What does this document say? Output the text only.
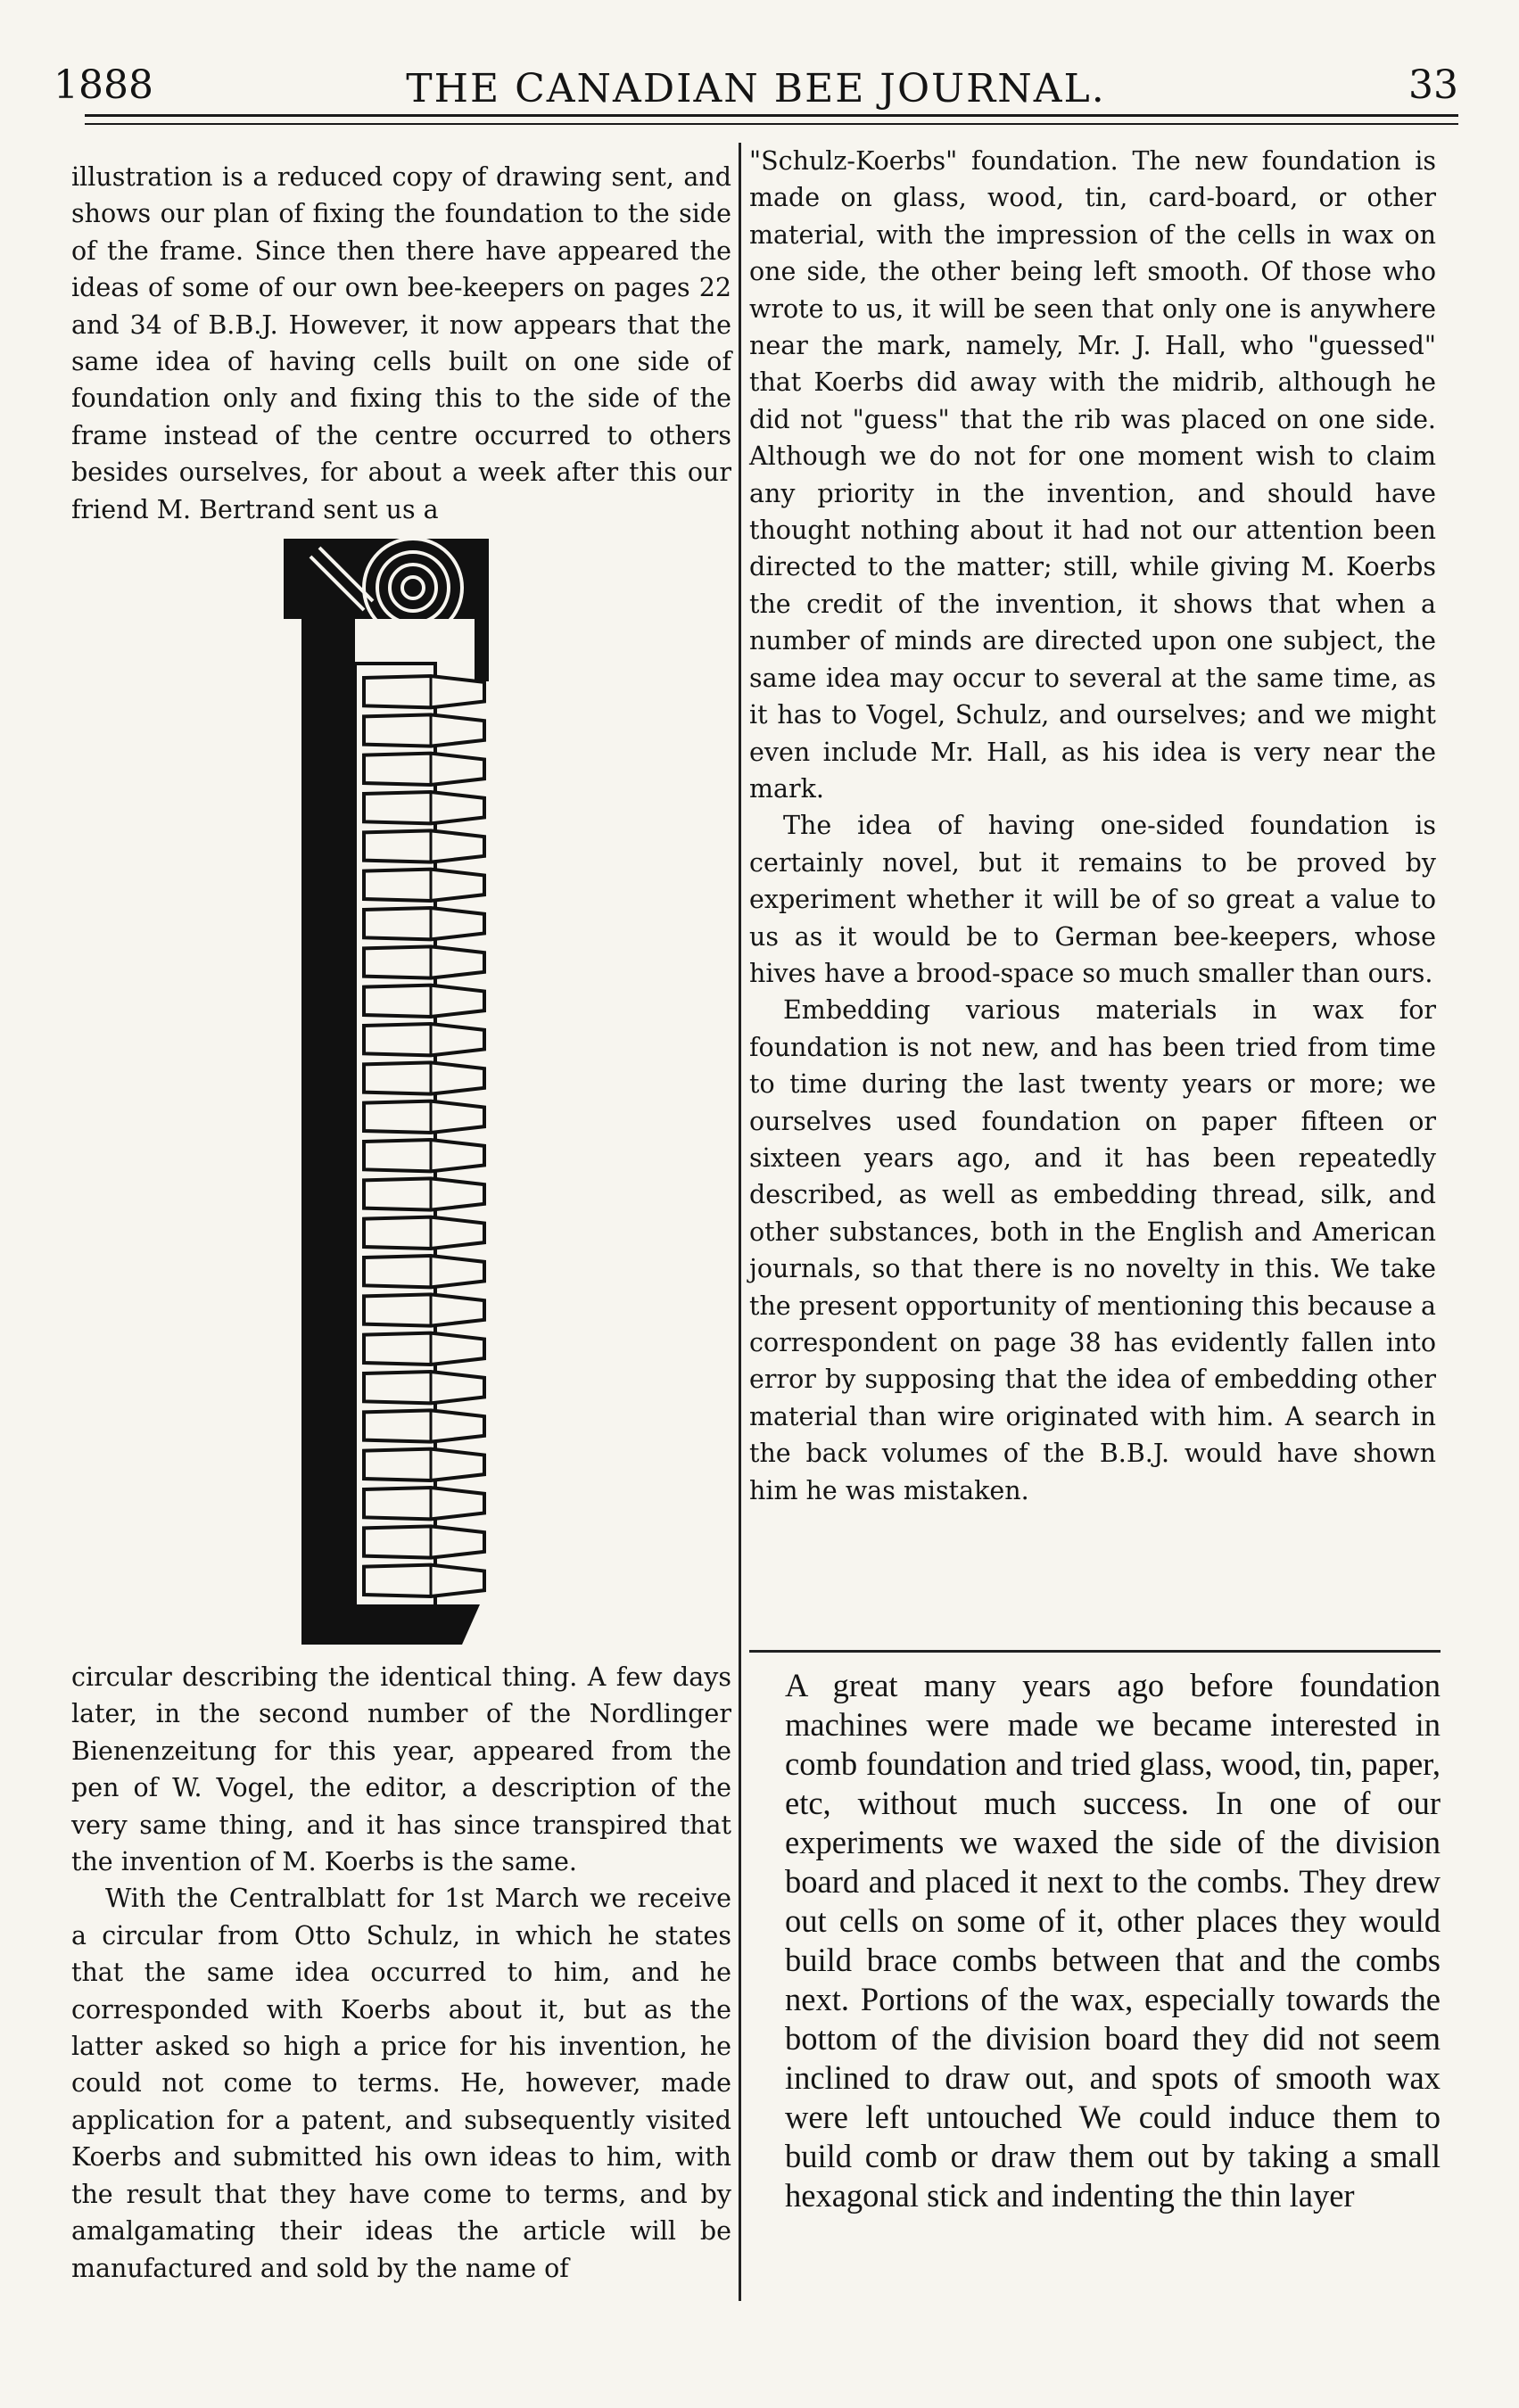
1888	THE CANADIAN BEE JOURNAL.	33

illustration is a reduced copy of drawing sent, and shows our plan of fixing the foundation to the side of the frame. Since then there have appeared the ideas of some of our own bee-keepers on pages 22 and 34 of B.B.J. However, it now appears that the same idea of having cells built on one side of foundation only and fixing this to the side of the frame instead of the centre occurred to others besides ourselves, for about a week after this our friend M. Bertrand sent us a

circular describing the identical thing. A few days later, in the second number of the Nordlinger Bienenzeitung for this year, appeared from the pen of W. Vogel, the editor, a description of the very same thing, and it has since transpired that the invention of M. Koerbs is the same.

With the Centralblatt for 1st March we receive a circular from Otto Schulz, in which he states that the same idea occurred to him, and he corresponded with Koerbs about it, but as the latter asked so high a price for his invention, he could not come to terms. He, however, made application for a patent, and subsequently visited Koerbs and submitted his own ideas to him, with the result that they have come to terms, and by amalgamating their ideas the article will be manufactured and sold by the name of

"Schulz-Koerbs" foundation. The new foundation is made on glass, wood, tin, card-board, or other material, with the impression of the cells in wax on one side, the other being left smooth. Of those who wrote to us, it will be seen that only one is anywhere near the mark, namely, Mr. J. Hall, who "guessed" that Koerbs did away with the midrib, although he did not "guess" that the rib was placed on one side. Although we do not for one moment wish to claim any priority in the invention, and should have thought nothing about it had not our attention been directed to the matter; still, while giving M. Koerbs the credit of the invention, it shows that when a number of minds are directed upon one subject, the same idea may occur to several at the same time, as it has to Vogel, Schulz, and ourselves; and we might even include Mr. Hall, as his idea is very near the mark.

The idea of having one-sided foundation is certainly novel, but it remains to be proved by experiment whether it will be of so great a value to us as it would be to German bee-keepers, whose hives have a brood-space so much smaller than ours.

Embedding various materials in wax for foundation is not new, and has been tried from time to time during the last twenty years or more; we ourselves used foundation on paper fifteen or sixteen years ago, and it has been repeatedly described, as well as embedding thread, silk, and other substances, both in the English and American journals, so that there is no novelty in this. We take the present opportunity of mentioning this because a correspondent on page 38 has evidently fallen into error by supposing that the idea of embedding other material than wire originated with him. A search in the back volumes of the B.B.J. would have shown him he was mistaken.

A great many years ago before foundation machines were made we became interested in comb foundation and tried glass, wood, tin, paper, etc, without much success. In one of our experiments we waxed the side of the division board and placed it next to the combs. They drew out cells on some of it, other places they would build brace combs between that and the combs next. Portions of the wax, especially towards the bottom of the division board they did not seem inclined to draw out, and spots of smooth wax were left untouched We could induce them to build comb or draw them out by taking a small hexagonal stick and indenting the thin layer
